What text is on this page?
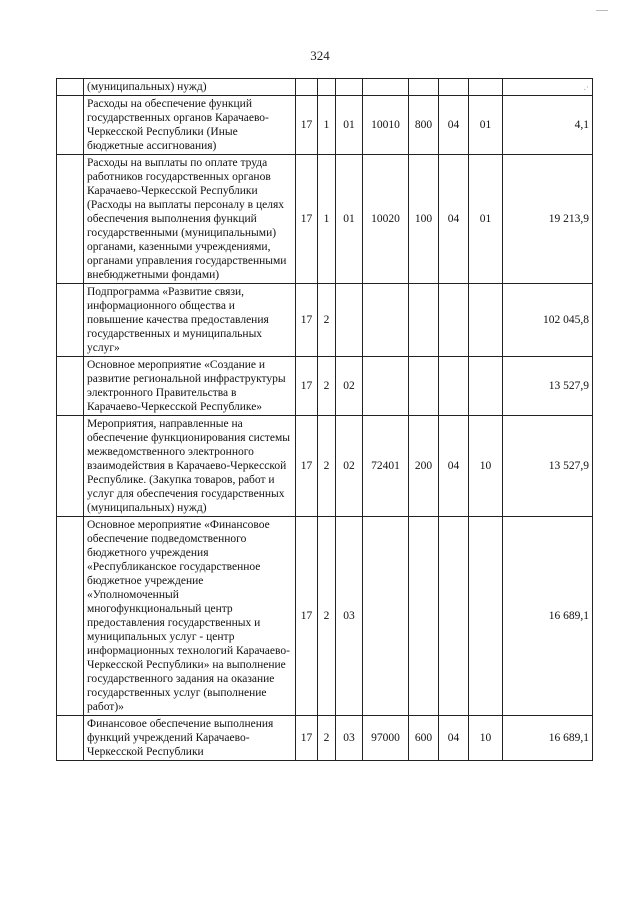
324
	(муниципальных) нужд)								.·
	Расходы на обеспечение функций государственных органов Карачаево-Черкесской Республики (Иные бюджетные ассигнования)	17	1	01	10010	800	04	01	4,1
	Расходы на выплаты по оплате труда работников государственных органов Карачаево-Черкесской Республики (Расходы на выплаты персоналу в целях обеспечения выполнения функций государственными (муниципальными) органами, казенными учреждениями, органами управления государственными внебюджетными фондами)	17	1	01	10020	100	04	01	19 213,9
	Подпрограмма «Развитие связи, информационного общества и повышение качества предоставления государственных и муниципальных услуг»	17	2						102 045,8
	Основное мероприятие «Создание и развитие региональной инфраструктуры электронного Правительства в Карачаево-Черкесской Республике»	17	2	02					13 527,9
	Мероприятия, направленные на обеспечение функционирования системы межведомственного электронного взаимодействия в Карачаево-Черкесской Республике. (Закупка товаров, работ и услуг для обеспечения государственных (муниципальных) нужд)	17	2	02	72401	200	04	10	13 527,9
	Основное мероприятие «Финансовое обеспечение подведомственного бюджетного учреждения «Республиканское государственное бюджетное учреждение «Уполномоченный многофункциональный центр предоставления государственных и муниципальных услуг - центр информационных технологий Карачаево-Черкесской Республики» на выполнение государственного задания на оказание государственных услуг (выполнение работ)»	17	2	03					16 689,1
	Финансовое обеспечение выполнения функций учреждений Карачаево-Черкесской Республики	17	2	03	97000	600	04	10	16 689,1
